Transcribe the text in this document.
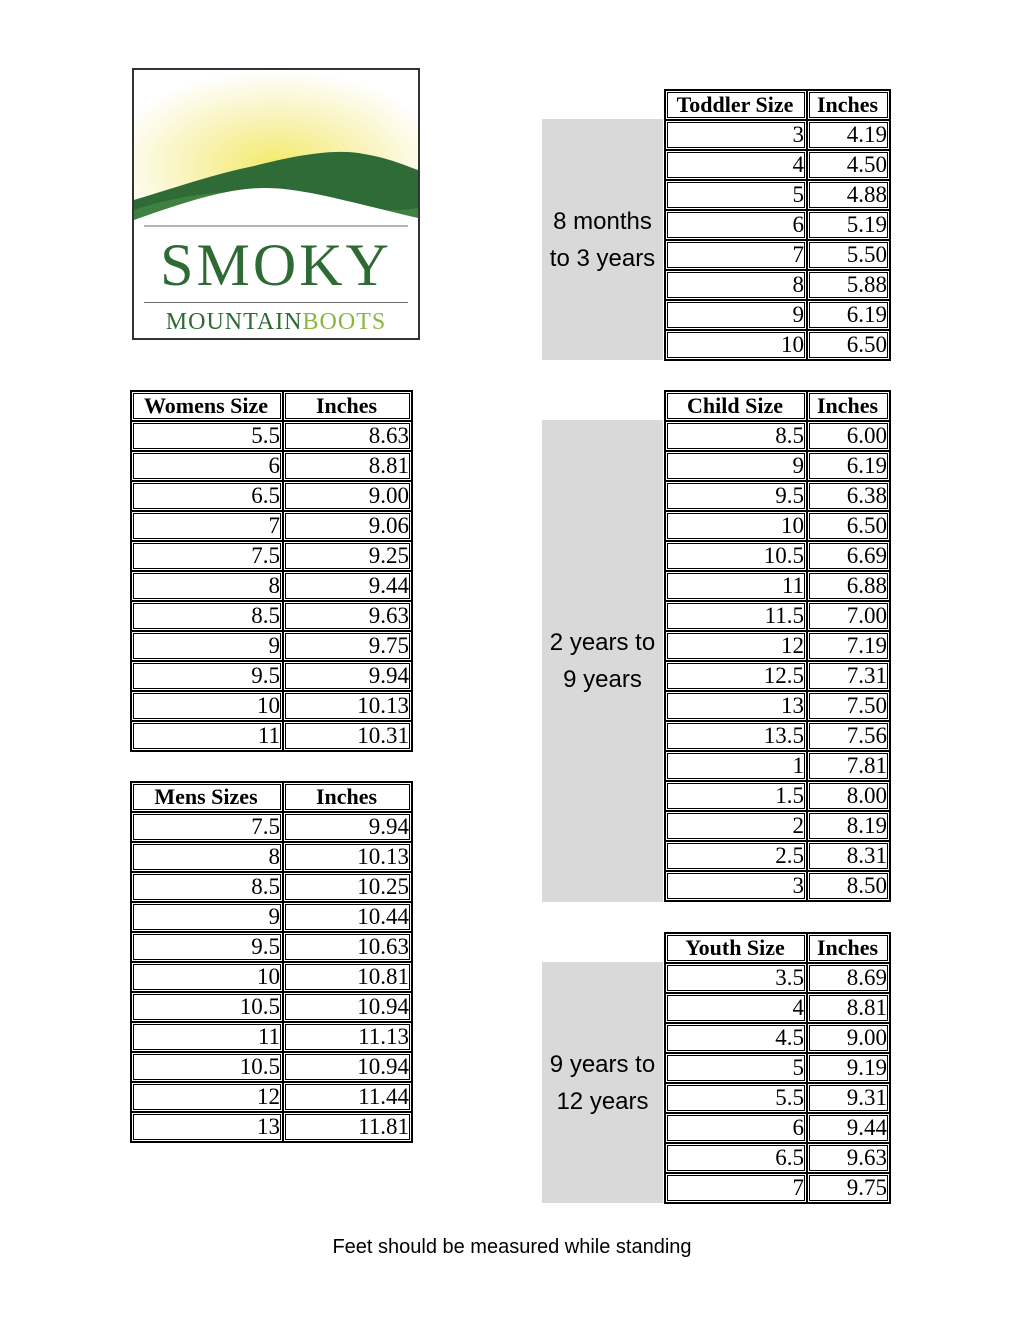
SMOKY
MOUNTAINBOOTS
8 months
to 3 years
Toddler Size	Inches
3	4.19
4	4.50
5	4.88
6	5.19
7	5.50
8	5.88
9	6.19
10	6.50
Womens Size	Inches
5.5	8.63
6	8.81
6.5	9.00
7	9.06
7.5	9.25
8	9.44
8.5	9.63
9	9.75
9.5	9.94
10	10.13
11	10.31
Mens Sizes	Inches
7.5	9.94
8	10.13
8.5	10.25
9	10.44
9.5	10.63
10	10.81
10.5	10.94
11	11.13
10.5	10.94
12	11.44
13	11.81
2 years to
9 years
Child Size	Inches
8.5	6.00
9	6.19
9.5	6.38
10	6.50
10.5	6.69
11	6.88
11.5	7.00
12	7.19
12.5	7.31
13	7.50
13.5	7.56
1	7.81
1.5	8.00
2	8.19
2.5	8.31
3	8.50
9 years to
12 years
Youth Size	Inches
3.5	8.69
4	8.81
4.5	9.00
5	9.19
5.5	9.31
6	9.44
6.5	9.63
7	9.75
Feet should be measured while standing
